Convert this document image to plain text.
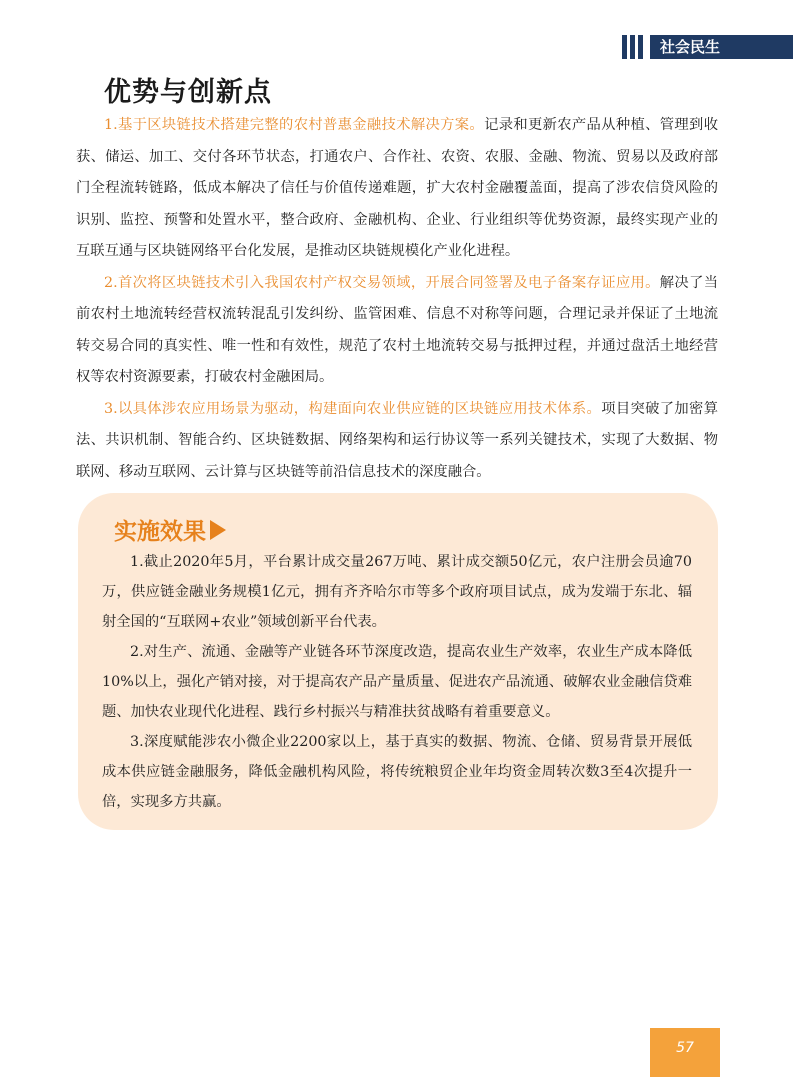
社会民生
优势与创新点

1.基于区块链技术搭建完整的农村普惠金融技术解决方案。记录和更新农产品从种植、管理到收获、储运、加工、交付各环节状态，打通农户、合作社、农资、农服、金融、物流、贸易以及政府部门全程流转链路，低成本解决了信任与价值传递难题，扩大农村金融覆盖面，提高了涉农信贷风险的识别、监控、预警和处置水平，整合政府、金融机构、企业、行业组织等优势资源，最终实现产业的互联互通与区块链网络平台化发展，是推动区块链规模化产业化进程。

2.首次将区块链技术引入我国农村产权交易领域，开展合同签署及电子备案存证应用。解决了当前农村土地流转经营权流转混乱引发纠纷、监管困难、信息不对称等问题，合理记录并保证了土地流转交易合同的真实性、唯一性和有效性，规范了农村土地流转交易与抵押过程，并通过盘活土地经营权等农村资源要素，打破农村金融困局。

3.以具体涉农应用场景为驱动，构建面向农业供应链的区块链应用技术体系。项目突破了加密算法、共识机制、智能合约、区块链数据、网络架构和运行协议等一系列关键技术，实现了大数据、物联网、移动互联网、云计算与区块链等前沿信息技术的深度融合。

实施效果

1.截止2020年5月，平台累计成交量267万吨、累计成交额50亿元，农户注册会员逾70万，供应链金融业务规模1亿元，拥有齐齐哈尔市等多个政府项目试点，成为发端于东北、辐射全国的“互联网+农业”领域创新平台代表。

2.对生产、流通、金融等产业链各环节深度改造，提高农业生产效率，农业生产成本降低10%以上，强化产销对接，对于提高农产品产量质量、促进农产品流通、破解农业金融信贷难题、加快农业现代化进程、践行乡村振兴与精准扶贫战略有着重要意义。

3.深度赋能涉农小微企业2200家以上，基于真实的数据、物流、仓储、贸易背景开展低成本供应链金融服务，降低金融机构风险，将传统粮贸企业年均资金周转次数3至4次提升一倍，实现多方共赢。

57
